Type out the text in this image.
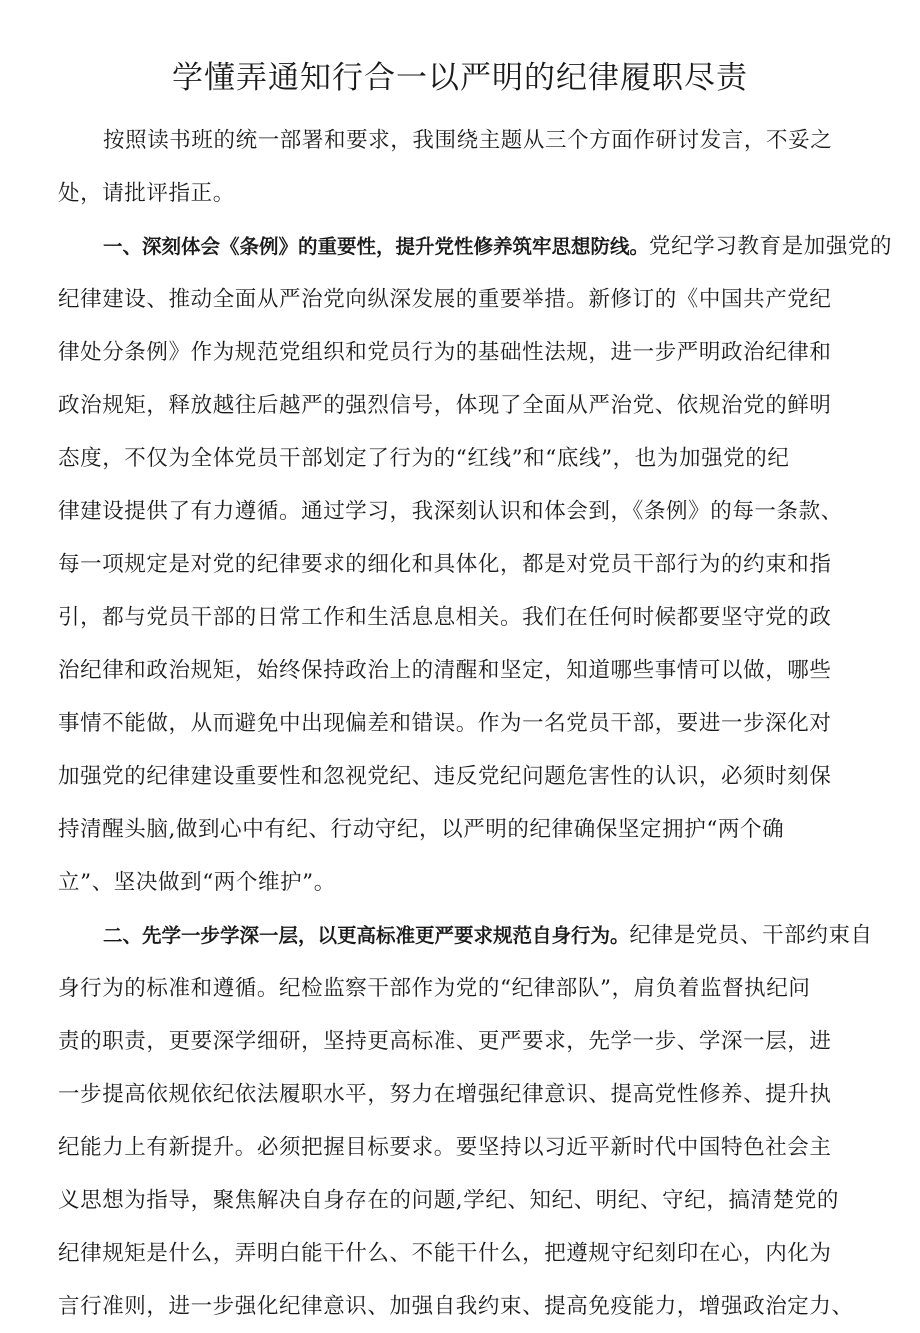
学懂弄通知行合一以严明的纪律履职尽责
按照读书班的统一部署和要求，我围绕主题从三个方面作研讨发言，不妥之
处，请批评指正。
一、深刻体会《条例》的重要性，提升党性修养筑牢思想防线。党纪学习教育是加强党的
纪律建设、推动全面从严治党向纵深发展的重要举措。新修订的《中国共产党纪
律处分条例》作为规范党组织和党员行为的基础性法规，进一步严明政治纪律和
政治规矩，释放越往后越严的强烈信号，体现了全面从严治党、依规治党的鲜明
态度，不仅为全体党员干部划定了行为的“红线”和“底线”，也为加强党的纪
律建设提供了有力遵循。通过学习，我深刻认识和体会到，《条例》的每一条款、
每一项规定是对党的纪律要求的细化和具体化，都是对党员干部行为的约束和指
引，都与党员干部的日常工作和生活息息相关。我们在任何时候都要坚守党的政
治纪律和政治规矩，始终保持政治上的清醒和坚定，知道哪些事情可以做，哪些
事情不能做，从而避免中出现偏差和错误。作为一名党员干部，要进一步深化对
加强党的纪律建设重要性和忽视党纪、违反党纪问题危害性的认识，必须时刻保
持清醒头脑,做到心中有纪、行动守纪，以严明的纪律确保坚定拥护“两个确
立”、坚决做到“两个维护”。
二、先学一步学深一层，以更高标准更严要求规范自身行为。纪律是党员、干部约束自
身行为的标准和遵循。纪检监察干部作为党的“纪律部队”，肩负着监督执纪问
责的职责，更要深学细研，坚持更高标准、更严要求，先学一步、学深一层，进
一步提高依规依纪依法履职水平，努力在增强纪律意识、提高党性修养、提升执
纪能力上有新提升。必须把握目标要求。要坚持以习近平新时代中国特色社会主
义思想为指导，聚焦解决自身存在的问题,学纪、知纪、明纪、守纪，搞清楚党的
纪律规矩是什么，弄明白能干什么、不能干什么，把遵规守纪刻印在心，内化为
言行准则，进一步强化纪律意识、加强自我约束、提高免疫能力，增强政治定力、
